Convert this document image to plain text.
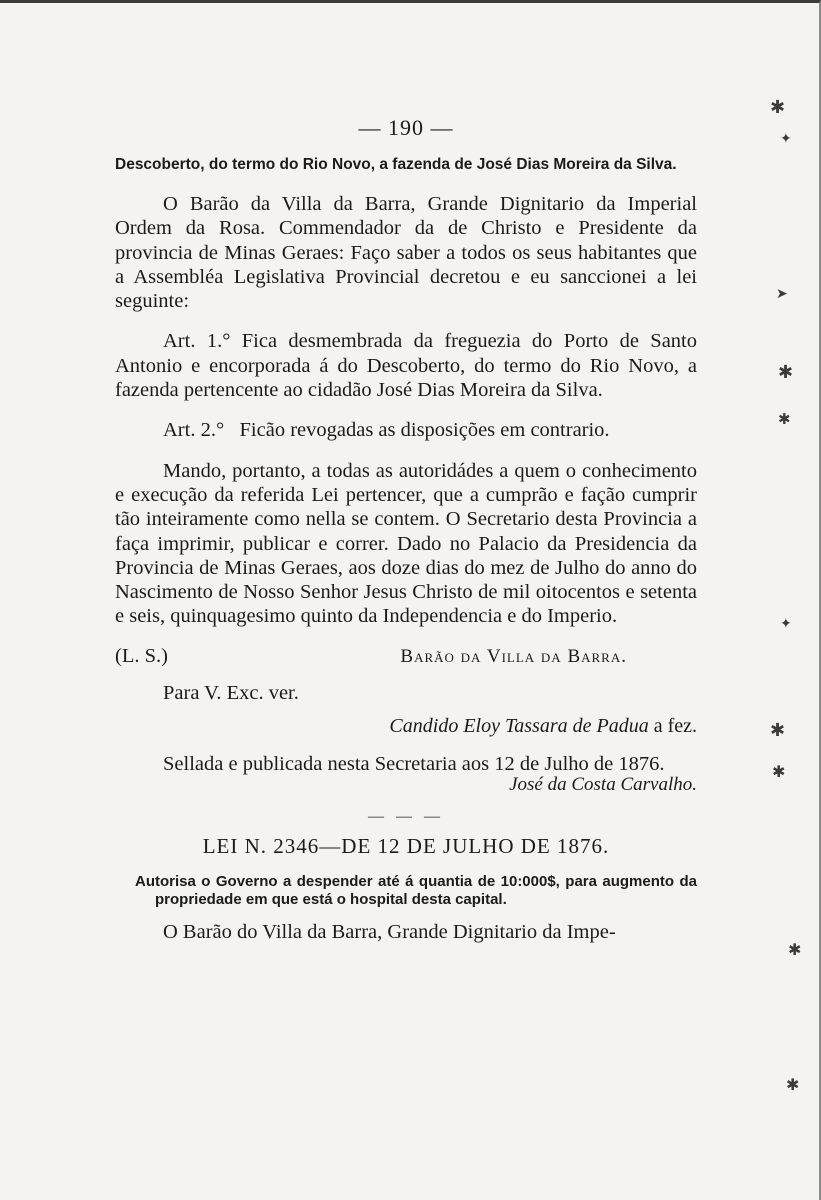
✱
✦
➤
✱
✱
✦
✱
✱
✱
✱

— 190 —

Descoberto, do termo do Rio Novo, a fazenda de José Dias Moreira da Silva.

O Barão da Villa da Barra, Grande Dignitario da Imperial Ordem da Rosa. Commendador da de Christo e Presidente da provincia de Minas Geraes: Faço saber a todos os seus habitantes que a Assembléa Legislativa Provincial decretou e eu sanccionei a lei seguinte:

Art. 1.° Fica desmembrada da freguezia do Porto de Santo Antonio e encorporada á do Descoberto, do termo do Rio Novo, a fazenda pertencente ao cidadão José Dias Moreira da Silva.

Art. 2.° Ficão revogadas as disposições em contrario.

Mando, portanto, a todas as autoridádes a quem o conhecimento e execução da referida Lei pertencer, que a cumprão e fação cumprir tão inteiramente como nella se contem. O Secretario desta Provincia a faça imprimir, publicar e correr. Dado no Palacio da Presidencia da Provincia de Minas Geraes, aos doze dias do mez de Julho do anno do Nascimento de Nosso Senhor Jesus Christo de mil oitocentos e setenta e seis, quinquagesimo quinto da Independencia e do Imperio.

(L. S.)	Barão da Villa da Barra.

Para V. Exc. ver.

Candido Eloy Tassara de Padua a fez.

Sellada e publicada nesta Secretaria aos 12 de Julho de 1876.

José da Costa Carvalho.

— — —

LEI N. 2346—DE 12 DE JULHO DE 1876.

Autorisa o Governo a despender até á quantia de 10:000$, para augmento da propriedade em que está o hospital desta capital.

O Barão do Villa da Barra, Grande Dignitario da Impe-
